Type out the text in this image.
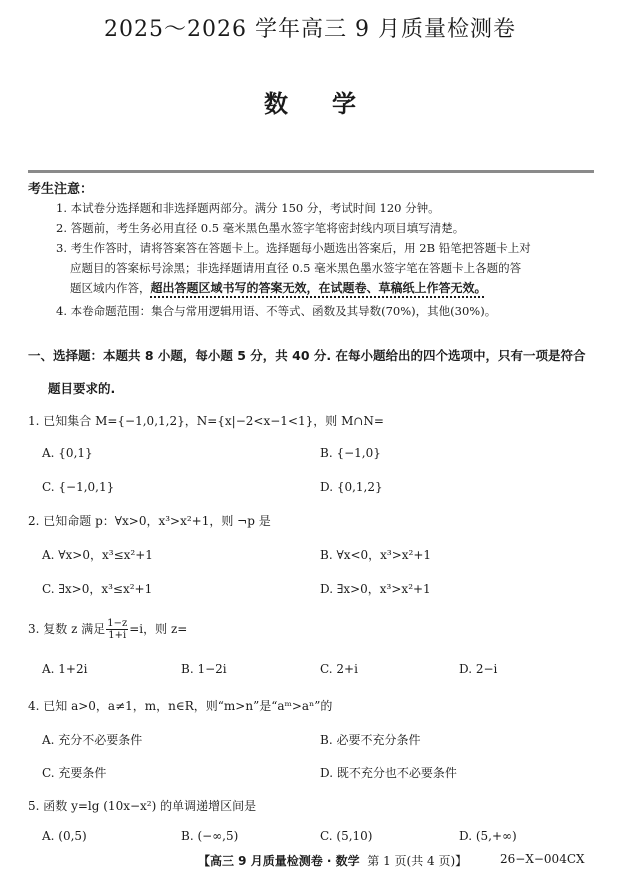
2025～2026 学年高三 9 月质量检测卷
数学
考生注意：
1. 本试卷分选择题和非选择题两部分。满分 150 分，考试时间 120 分钟。
2. 答题前，考生务必用直径 0.5 毫米黑色墨水签字笔将密封线内项目填写清楚。
3. 考生作答时，请将答案答在答题卡上。选择题每小题选出答案后，用 2B 铅笔把答题卡上对
应题目的答案标号涂黑；非选择题请用直径 0.5 毫米黑色墨水签字笔在答题卡上各题的答
题区域内作答，超出答题区域书写的答案无效，在试题卷、草稿纸上作答无效。
4. 本卷命题范围：集合与常用逻辑用语、不等式、函数及其导数(70%)，其他(30%)。
一、选择题：本题共 8 小题，每小题 5 分，共 40 分. 在每小题给出的四个选项中，只有一项是符合
题目要求的.
1. 已知集合 M={−1,0,1,2}，N={x|−2<x−1<1}，则 M∩N=
A. {0,1}	B. {−1,0}
C. {−1,0,1}	D. {0,1,2}
2. 已知命题 p：∀x>0，x³>x²+1，则 ¬p 是
A. ∀x>0，x³≤x²+1	B. ∀x<0，x³>x²+1
C. ∃x>0，x³≤x²+1	D. ∃x>0，x³>x²+1
3. 复数 z 满足 $\frac{1-z}{1+i} =i$，则 z=
A. 1+2i	B. 1−2i	C. 2+i	D. 2−i
4. 已知 a>0，a≠1，m，n∈R，则“m>n”是“aᵐ>aⁿ”的
A. 充分不必要条件	B. 必要不充分条件
C. 充要条件	D. 既不充分也不必要条件
5. 函数 y=lg (10x−x²) 的单调递增区间是
A. (0,5)	B. (−∞,5)	C. (5,10)	D. (5,+∞)
【高三 9 月质量检测卷 · 数学 第 1 页(共 4 页)】	26−X−004CX
